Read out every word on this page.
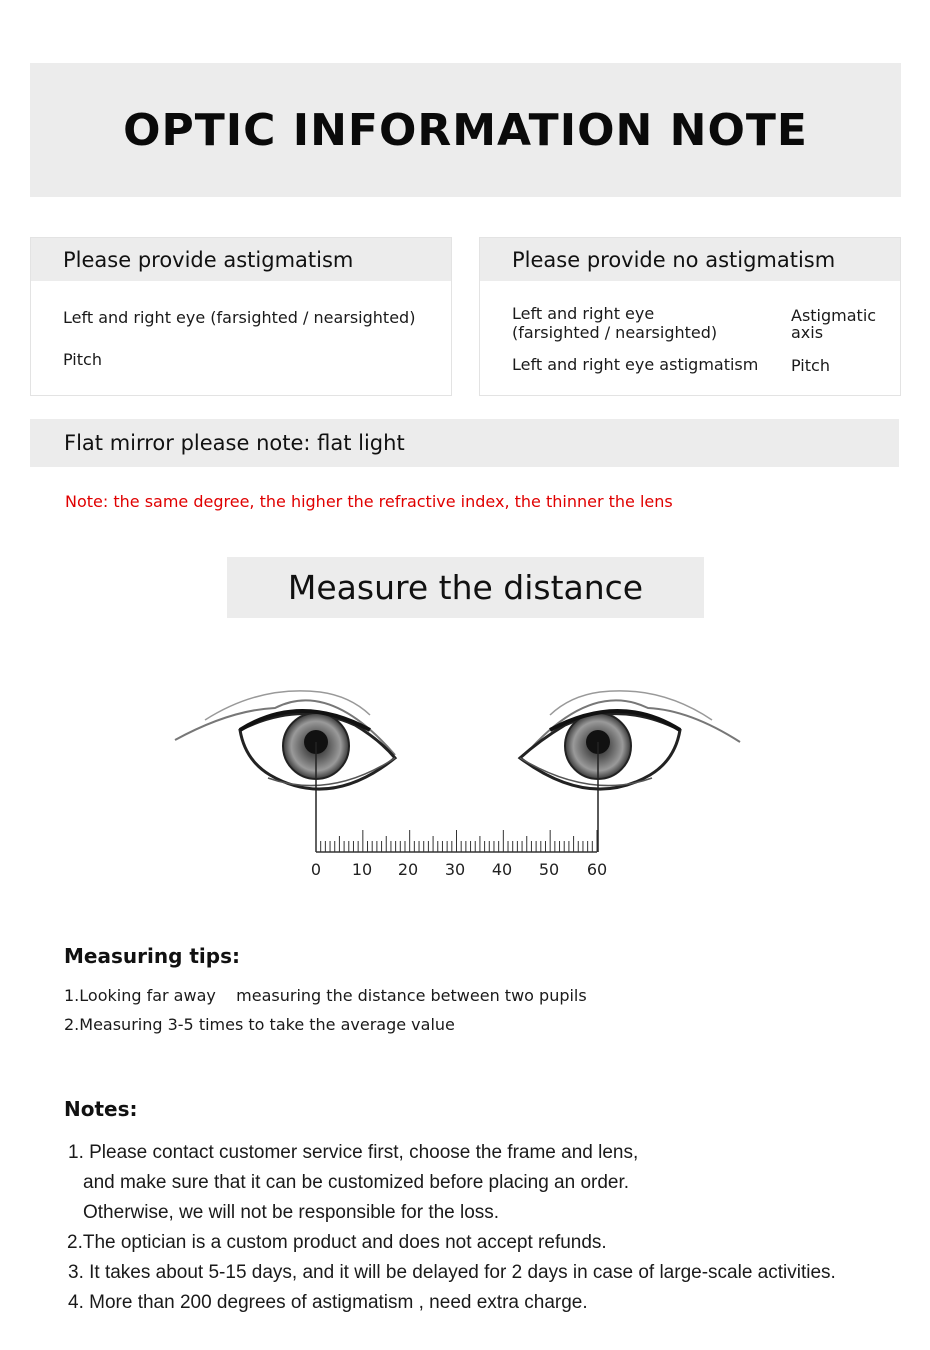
OPTIC INFORMATION NOTE
Please provide astigmatism
Left and right eye (farsighted / nearsighted)
Pitch
Please provide no astigmatism
Left and right eye
(farsighted / nearsighted)
Left and right eye astigmatism
Astigmatic
axis
Pitch
Flat mirror please note: flat light
Note: the same degree, the higher the refractive index, the thinner the lens
Measure the distance
0 10 20 30 40 50 60
Measuring tips:
1.Looking far away    measuring the distance between two pupils
2.Measuring 3-5 times to take the average value
Notes:
1. Please contact customer service first, choose the frame and lens,
and make sure that it can be customized before placing an order.
Otherwise, we will not be responsible for the loss.
2.The optician is a custom product and does not accept refunds.
3. It takes about 5-15 days, and it will be delayed for 2 days in case of large-scale activities.
4. More than 200 degrees of astigmatism , need extra charge.
